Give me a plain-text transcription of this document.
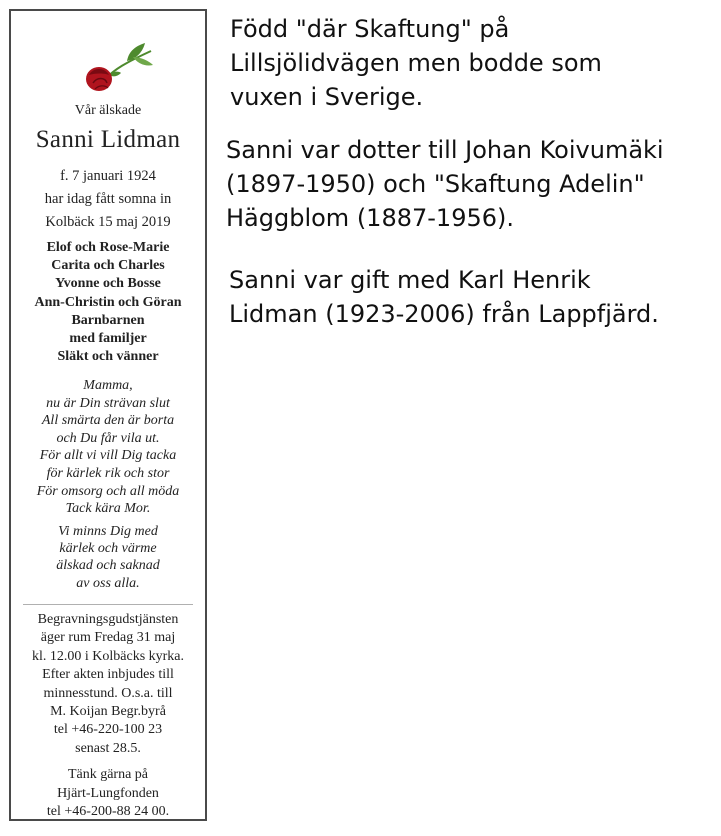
Vår älskade
Sanni Lidman
f. 7 januari 1924
har idag fått somna in
Kolbäck 15 maj 2019
Elof och Rose-Marie
Carita och Charles
Yvonne och Bosse
Ann-Christin och Göran
Barnbarnen
med familjer
Släkt och vänner
Mamma,
nu är Din strävan slut
All smärta den är borta
och Du får vila ut.
För allt vi vill Dig tacka
för kärlek rik och stor
För omsorg och all möda
Tack kära Mor.
Vi minns Dig med
kärlek och värme
älskad och saknad
av oss alla.
Begravningsgudstjänsten
äger rum Fredag 31 maj
kl. 12.00 i Kolbäcks kyrka.
Efter akten inbjudes till
minnesstund. O.s.a. till
M. Koijan Begr.byrå
tel +46-220-100 23
senast 28.5.
Tänk gärna på
Hjärt-Lungfonden
tel +46-200-88 24 00.
Född "där Skaftung" på
Lillsjölidvägen men bodde som
vuxen i Sverige.
Sanni var dotter till Johan Koivumäki
(1897-1950) och "Skaftung Adelin"
Häggblom (1887-1956).
Sanni var gift med Karl Henrik
Lidman (1923-2006) från Lappfjärd.
